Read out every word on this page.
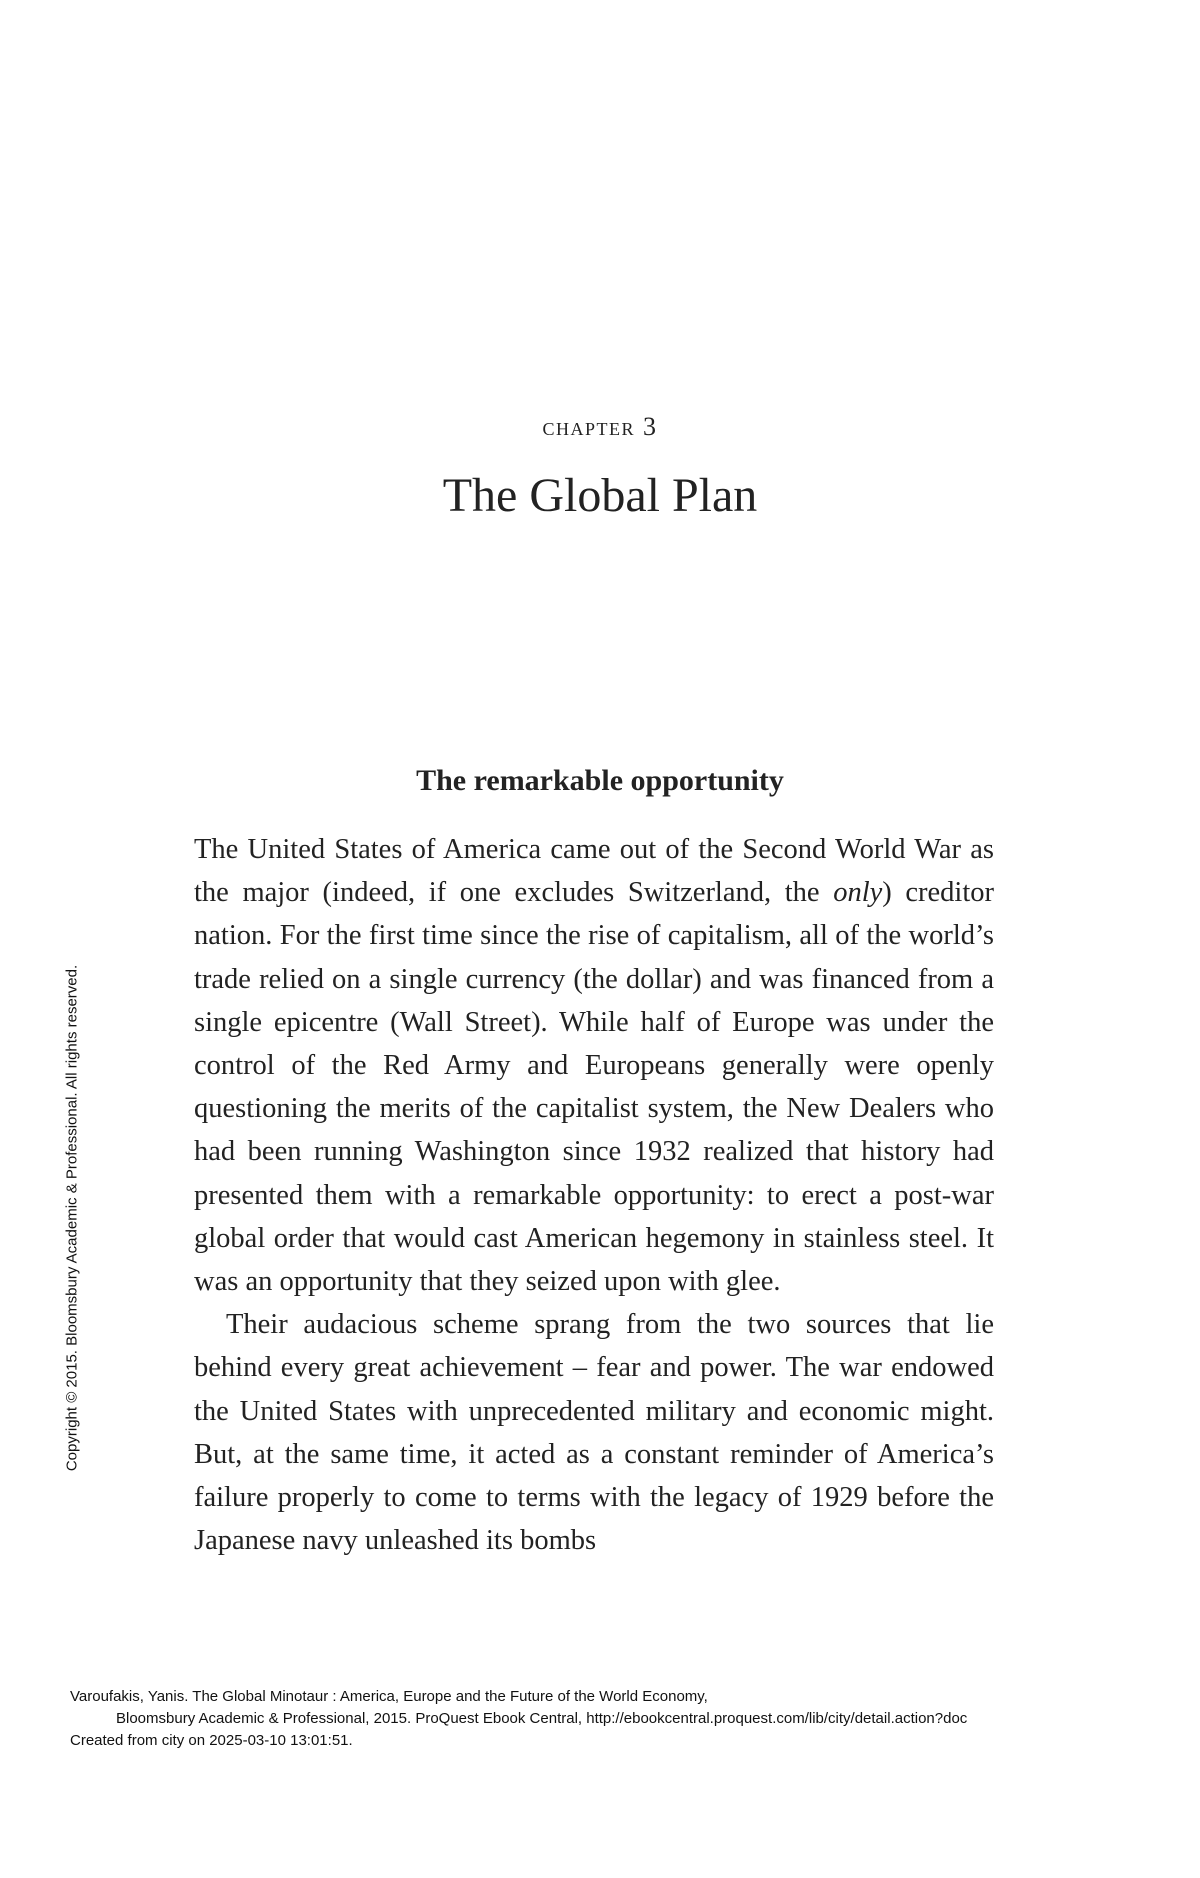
chapter 3
The Global Plan
The remarkable opportunity

The United States of America came out of the Second World War as the major (indeed, if one excludes Switzerland, the only) creditor nation. For the first time since the rise of capitalism, all of the world’s trade relied on a single currency (the dollar) and was financed from a single epicentre (Wall Street). While half of Europe was under the control of the Red Army and Europeans generally were openly questioning the merits of the capitalist system, the New Dealers who had been running Washington since 1932 realized that history had presented them with a remarkable opportunity: to erect a post-war global order that would cast American hegemony in stainless steel. It was an opportunity that they seized upon with glee.

Their audacious scheme sprang from the two sources that lie behind every great achievement – fear and power. The war endowed the United States with unprecedented military and economic might. But, at the same time, it acted as a constant reminder of America’s failure properly to come to terms with the legacy of 1929 before the Japanese navy unleashed its bombs

Copyright © 2015. Bloomsbury Academic & Professional. All rights reserved.
Varoufakis, Yanis. The Global Minotaur : America, Europe and the Future of the World Economy,
Bloomsbury Academic & Professional, 2015. ProQuest Ebook Central, http://ebookcentral.proquest.com/lib/city/detail.action?doc
Created from city on 2025-03-10 13:01:51.
